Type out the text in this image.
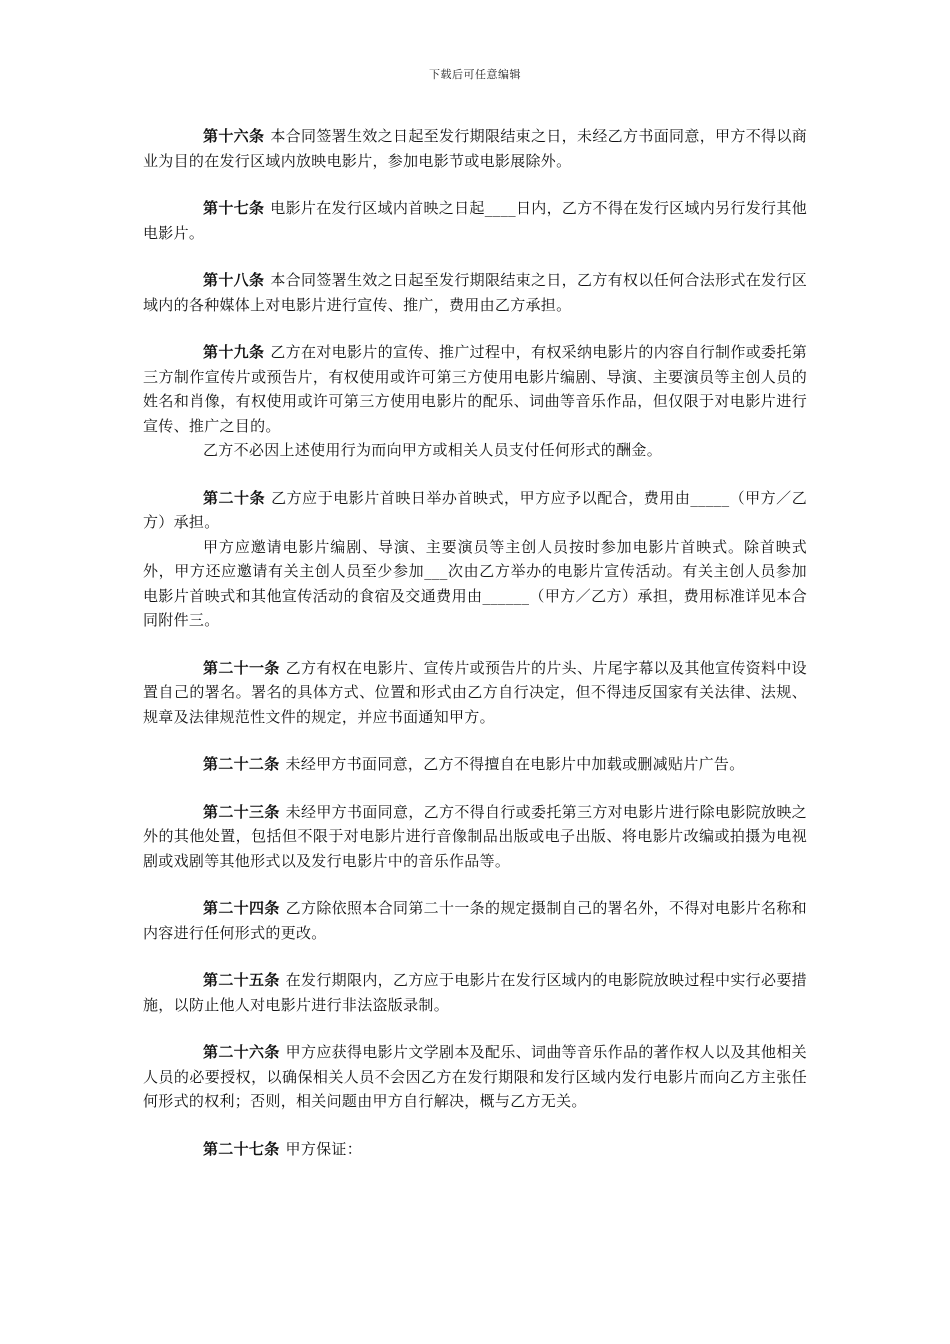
下载后可任意编辑

第十六条 本合同签署生效之日起至发行期限结束之日，未经乙方书面同意，甲方不得以商业为目的在发行区域内放映电影片，参加电影节或电影展除外。

第十七条 电影片在发行区域内首映之日起____日内，乙方不得在发行区域内另行发行其他电影片。

第十八条 本合同签署生效之日起至发行期限结束之日，乙方有权以任何合法形式在发行区域内的各种媒体上对电影片进行宣传、推广，费用由乙方承担。

第十九条 乙方在对电影片的宣传、推广过程中，有权采纳电影片的内容自行制作或委托第三方制作宣传片或预告片，有权使用或许可第三方使用电影片编剧、导演、主要演员等主创人员的姓名和肖像，有权使用或许可第三方使用电影片的配乐、词曲等音乐作品，但仅限于对电影片进行宣传、推广之目的。

乙方不必因上述使用行为而向甲方或相关人员支付任何形式的酬金。

第二十条 乙方应于电影片首映日举办首映式，甲方应予以配合，费用由_____（甲方／乙方）承担。

甲方应邀请电影片编剧、导演、主要演员等主创人员按时参加电影片首映式。除首映式外，甲方还应邀请有关主创人员至少参加___次由乙方举办的电影片宣传活动。有关主创人员参加电影片首映式和其他宣传活动的食宿及交通费用由______（甲方／乙方）承担，费用标准详见本合同附件三。

第二十一条 乙方有权在电影片、宣传片或预告片的片头、片尾字幕以及其他宣传资料中设置自己的署名。署名的具体方式、位置和形式由乙方自行决定，但不得违反国家有关法律、法规、规章及法律规范性文件的规定，并应书面通知甲方。

第二十二条 未经甲方书面同意，乙方不得擅自在电影片中加载或删减贴片广告。

第二十三条 未经甲方书面同意，乙方不得自行或委托第三方对电影片进行除电影院放映之外的其他处置，包括但不限于对电影片进行音像制品出版或电子出版、将电影片改编或拍摄为电视剧或戏剧等其他形式以及发行电影片中的音乐作品等。

第二十四条 乙方除依照本合同第二十一条的规定摄制自己的署名外，不得对电影片名称和内容进行任何形式的更改。

第二十五条 在发行期限内，乙方应于电影片在发行区域内的电影院放映过程中实行必要措施，以防止他人对电影片进行非法盗版录制。

第二十六条 甲方应获得电影片文学剧本及配乐、词曲等音乐作品的著作权人以及其他相关人员的必要授权，以确保相关人员不会因乙方在发行期限和发行区域内发行电影片而向乙方主张任何形式的权利；否则，相关问题由甲方自行解决，概与乙方无关。

第二十七条 甲方保证：
